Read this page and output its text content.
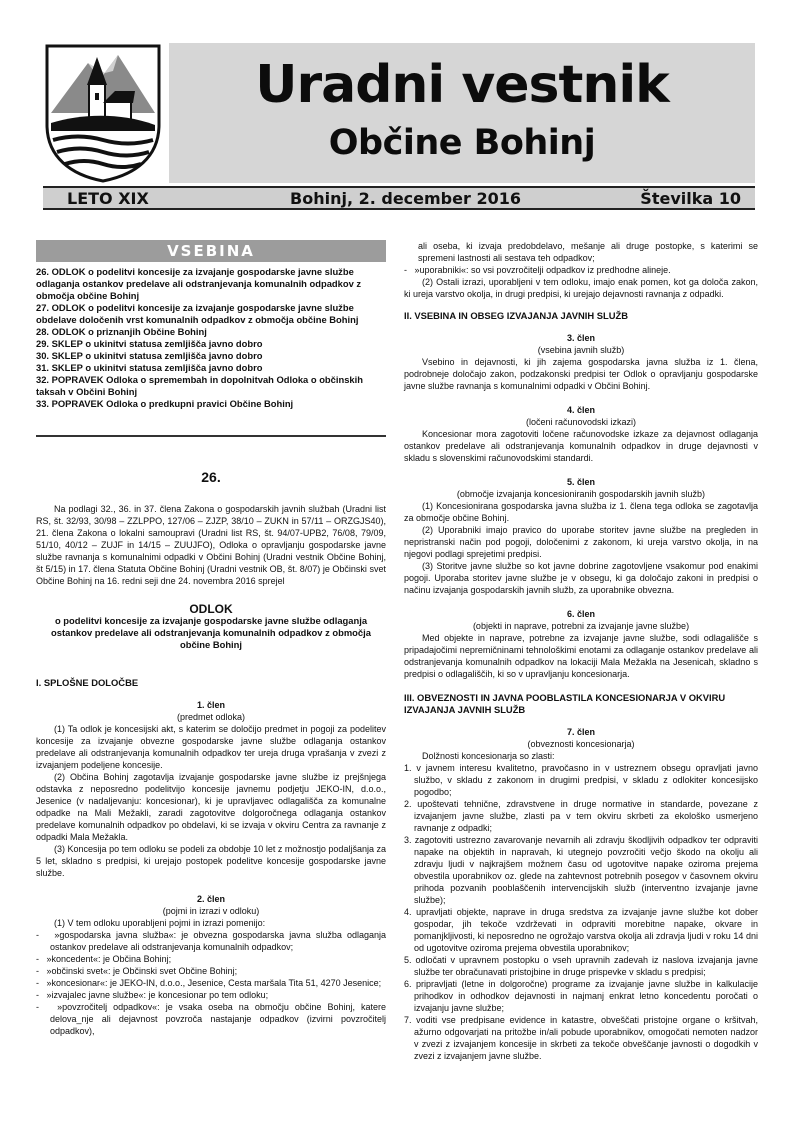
Uradni vestnik
Občine Bohinj
LETO XIX	Bohinj, 2. december 2016	Številka 10
VSEBINA
26. ODLOK o podelitvi koncesije za izvajanje gospodarske javne službe odlaganja ostankov predelave ali odstranjevanja komunalnih odpadkov z območja občine Bohinj
27. ODLOK o podelitvi koncesije za izvajanje gospodarske javne službe obdelave določenih vrst komunalnih odpadkov z območja občine Bohinj
28. ODLOK o priznanjih Občine Bohinj
29. SKLEP o ukinitvi statusa zemljišča javno dobro
30. SKLEP o ukinitvi statusa zemljišča javno dobro
31. SKLEP o ukinitvi statusa zemljišča javno dobro
32. POPRAVEK Odloka o spremembah in dopolnitvah Odloka o občinskih taksah v Občini Bohinj
33. POPRAVEK Odloka o predkupni pravici Občine Bohinj
26.
Na podlagi 32., 36. in 37. člena Zakona o gospodarskih javnih službah (Uradni list RS, št. 32/93, 30/98 – ZZLPPO, 127/06 – ZJZP, 38/10 – ZUKN in 57/11 – ORZGJS40), 21. člena Zakona o lokalni samoupravi (Uradni list RS, št. 94/07-UPB2, 76/08, 79/09, 51/10, 40/12 – ZUJF in 14/15 – ZUUJFO), Odloka o opravljanju gospodarske javne službe ravnanja s komunalnimi odpadki v Občini Bohinj (Uradni vestnik Občine Bohinj, št 5/15) in 17. člena Statuta Občine Bohinj (Uradni vestnik OB, št. 8/07) je Občinski svet Občine Bohinj na 16. redni seji dne 24. novembra 2016 sprejel
ODLOK
o podelitvi koncesije za izvajanje gospodarske javne službe odlaganja ostankov predelave ali odstranjevanja komunalnih odpadkov z območja občine Bohinj
I. SPLOŠNE DOLOČBE
1. člen
(predmet odloka)
(1) Ta odlok je koncesijski akt, s katerim se določijo predmet in pogoji za podelitev koncesije za izvajanje obvezne gospodarske javne službe odlaganja ostankov predelave ali odstranjevanja komunalnih odpadkov ter ureja druga vprašanja v zvezi z izvajanjem podeljene koncesije.
(2) Občina Bohinj zagotavlja izvajanje gospodarske javne službe iz prejšnjega odstavka z neposredno podelitvijo koncesije javnemu podjetju JEKO-IN, d.o.o., Jesenice (v nadaljevanju: koncesionar), ki je upravljavec odlagališča za komunalne odpadke na Mali Mežakli, zaradi zagotovitve dolgoročnega odlaganja ostankov predelave komunalnih odpadkov po obdelavi, ki se izvaja v okviru Centra za ravnanje z odpadki Mala Mežakla.
(3) Koncesija po tem odloku se podeli za obdobje 10 let z možnostjo podaljšanja za 5 let, skladno s predpisi, ki urejajo postopek podelitve koncesije gospodarske javne službe.
2. člen
(pojmi in izrazi v odloku)
(1) V tem odloku uporabljeni pojmi in izrazi pomenijo:
-   »gospodarska javna služba«: je obvezna gospodarska javna služba odlaganja ostankov predelave ali odstranjevanja komunalnih odpadkov;
-   »koncedent«: je Občina Bohinj;
-   »občinski svet«: je Občinski svet Občine Bohinj;
-   »koncesionar«: je JEKO-IN, d.o.o., Jesenice, Cesta maršala Tita 51, 4270 Jesenice;
-   »izvajalec javne službe«: je koncesionar po tem odloku;
-   »povzročitelj odpadkov«: je vsaka oseba na območju občine Bohinj, katere delova_nje ali dejavnost povzroča nastajanje odpadkov (izvirni povzročitelj odpadkov),
ali oseba, ki izvaja predobdelavo, mešanje ali druge postopke, s katerimi se spremeni lastnosti ali sestava teh odpadkov;
-   »uporabniki«: so vsi povzročitelji odpadkov iz predhodne alineje.
(2) Ostali izrazi, uporabljeni v tem odloku, imajo enak pomen, kot ga določa zakon, ki ureja varstvo okolja, in drugi predpisi, ki urejajo dejavnosti ravnanja z odpadki.
II. VSEBINA IN OBSEG IZVAJANJA JAVNIH SLUŽB
3. člen
(vsebina javnih služb)
Vsebino in dejavnosti, ki jih zajema gospodarska javna služba iz 1. člena, podrobneje določajo zakon, podzakonski predpisi ter Odlok o opravljanju gospodarske javne službe ravnanja s komunalnimi odpadki v Občini Bohinj.
4. člen
(ločeni računovodski izkazi)
Koncesionar mora zagotoviti ločene računovodske izkaze za dejavnost odlaganja ostankov predelave ali odstranjevanja komunalnih odpadkov in druge dejavnosti v skladu s slovenskimi računovodskimi standardi.
5. člen
(območje izvajanja koncesioniranih gospodarskih javnih služb)
(1) Koncesionirana gospodarska javna služba iz 1. člena tega odloka se zagotavlja za območje občine Bohinj.
(2) Uporabniki imajo pravico do uporabe storitev javne službe na pregleden in nepristranski način pod pogoji, določenimi z zakonom, ki ureja varstvo okolja, in na njegovi podlagi sprejetimi predpisi.
(3) Storitve javne službe so kot javne dobrine zagotovljene vsakomur pod enakimi pogoji. Uporaba storitev javne službe je v obsegu, ki ga določajo zakoni in predpisi o načinu izvajanja gospodarskih javnih služb, za uporabnike obvezna.
6. člen
(objekti in naprave, potrebni za izvajanje javne službe)
Med objekte in naprave, potrebne za izvajanje javne službe, sodi odlagališče s pripadajočimi nepremičninami tehnološkimi enotami za odlaganje ostankov predelave ali odstranjevanja komunalnih odpadkov na lokaciji Mala Mežakla na Jesenicah, skladno s predpisi o odlagališčih, ki so v upravljanju koncesionarja.
III. OBVEZNOSTI IN JAVNA POOBLASTILA KONCESIONARJA V OKVIRU IZVAJANJA JAVNIH SLUŽB
7. člen
(obveznosti koncesionarja)
Dolžnosti koncesionarja so zlasti:
1. v javnem interesu kvalitetno, pravočasno in v ustreznem obsegu opravljati javno službo, v skladu z zakonom in drugimi predpisi, v skladu z odlokiter koncesijsko pogodbo;
2. upoštevati tehnične, zdravstvene in druge normative in standarde, povezane z izvajanjem javne službe, zlasti pa v tem okviru skrbeti za ekološko usmerjeno ravnanje z odpadki;
3. zagotoviti ustrezno zavarovanje nevarnih ali zdravju škodljivih odpadkov ter odpraviti napake na objektih in napravah, ki utegnejo povzročiti večjo škodo na okolju ali zdravju ljudi v najkrajšem možnem času od ugotovitve napake oziroma prejema obvestila uporabnikov oz. glede na zahtevnost potrebnih posegov v časovnem okviru prihoda pozvanih pooblaščenih intervencijskih služb (interventno izvajanje javne službe);
4. upravljati objekte, naprave in druga sredstva za izvajanje javne službe kot dober gospodar, jih tekoče vzdrževati in odpraviti morebitne napake, okvare in pomanjkljivosti, ki neposredno ne ogrožajo varstva okolja ali zdravja ljudi v roku 14 dni od ugotovitve oziroma prejema obvestila uporabnikov;
5. odločati v upravnem postopku o vseh upravnih zadevah iz naslova izvajanja javne službe ter obračunavati pristojbine in druge prispevke v skladu s predpisi;
6. pripravljati (letne in dolgoročne) programe za izvajanje javne službe in kalkulacije prihodkov in odhodkov dejavnosti in najmanj enkrat letno koncedentu poročati o izvajanju javne službe;
7. voditi vse predpisane evidence in katastre, obveščati pristojne organe o kršitvah, ažurno odgovarjati na pritožbe in/ali pobude uporabnikov, omogočati nemoten nadzor v zvezi z izvajanjem koncesije in skrbeti za tekoče obveščanje javnosti o dogodkih v zvezi z izvajanjem javne službe.
